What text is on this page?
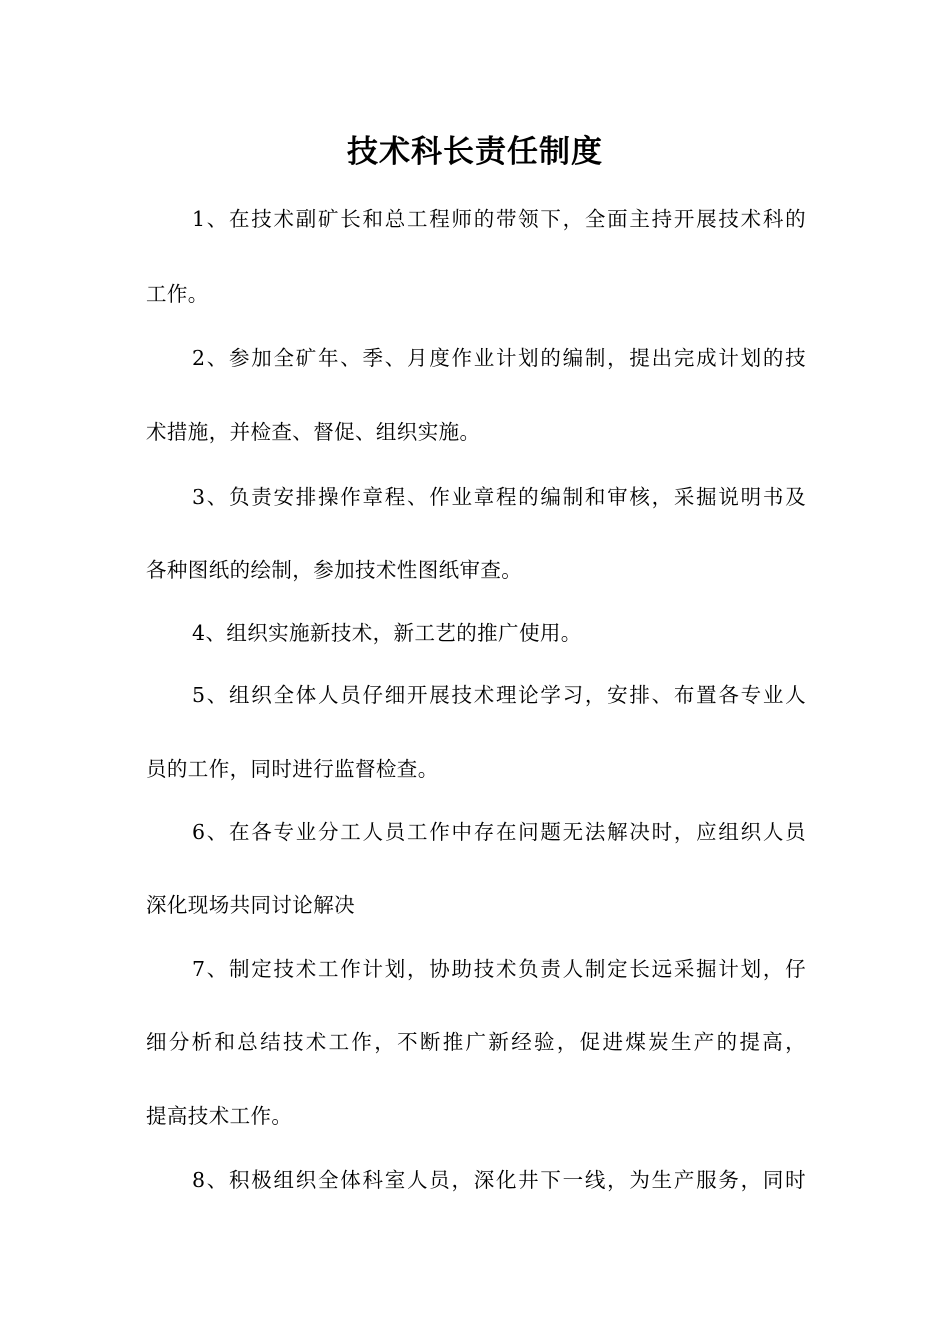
技术科长责任制度
1、在技术副矿长和总工程师的带领下，全面主持开展技术科的
工作。
2、参加全矿年、季、月度作业计划的编制，提出完成计划的技
术措施，并检查、督促、组织实施。
3、负责安排操作章程、作业章程的编制和审核，采掘说明书及
各种图纸的绘制，参加技术性图纸审查。
4、组织实施新技术，新工艺的推广使用。
5、组织全体人员仔细开展技术理论学习，安排、布置各专业人
员的工作，同时进行监督检查。
6、在各专业分工人员工作中存在问题无法解决时，应组织人员
深化现场共同讨论解决
7、制定技术工作计划，协助技术负责人制定长远采掘计划，仔
细分析和总结技术工作，不断推广新经验，促进煤炭生产的提高，
提高技术工作。
8、积极组织全体科室人员，深化井下一线，为生产服务，同时
